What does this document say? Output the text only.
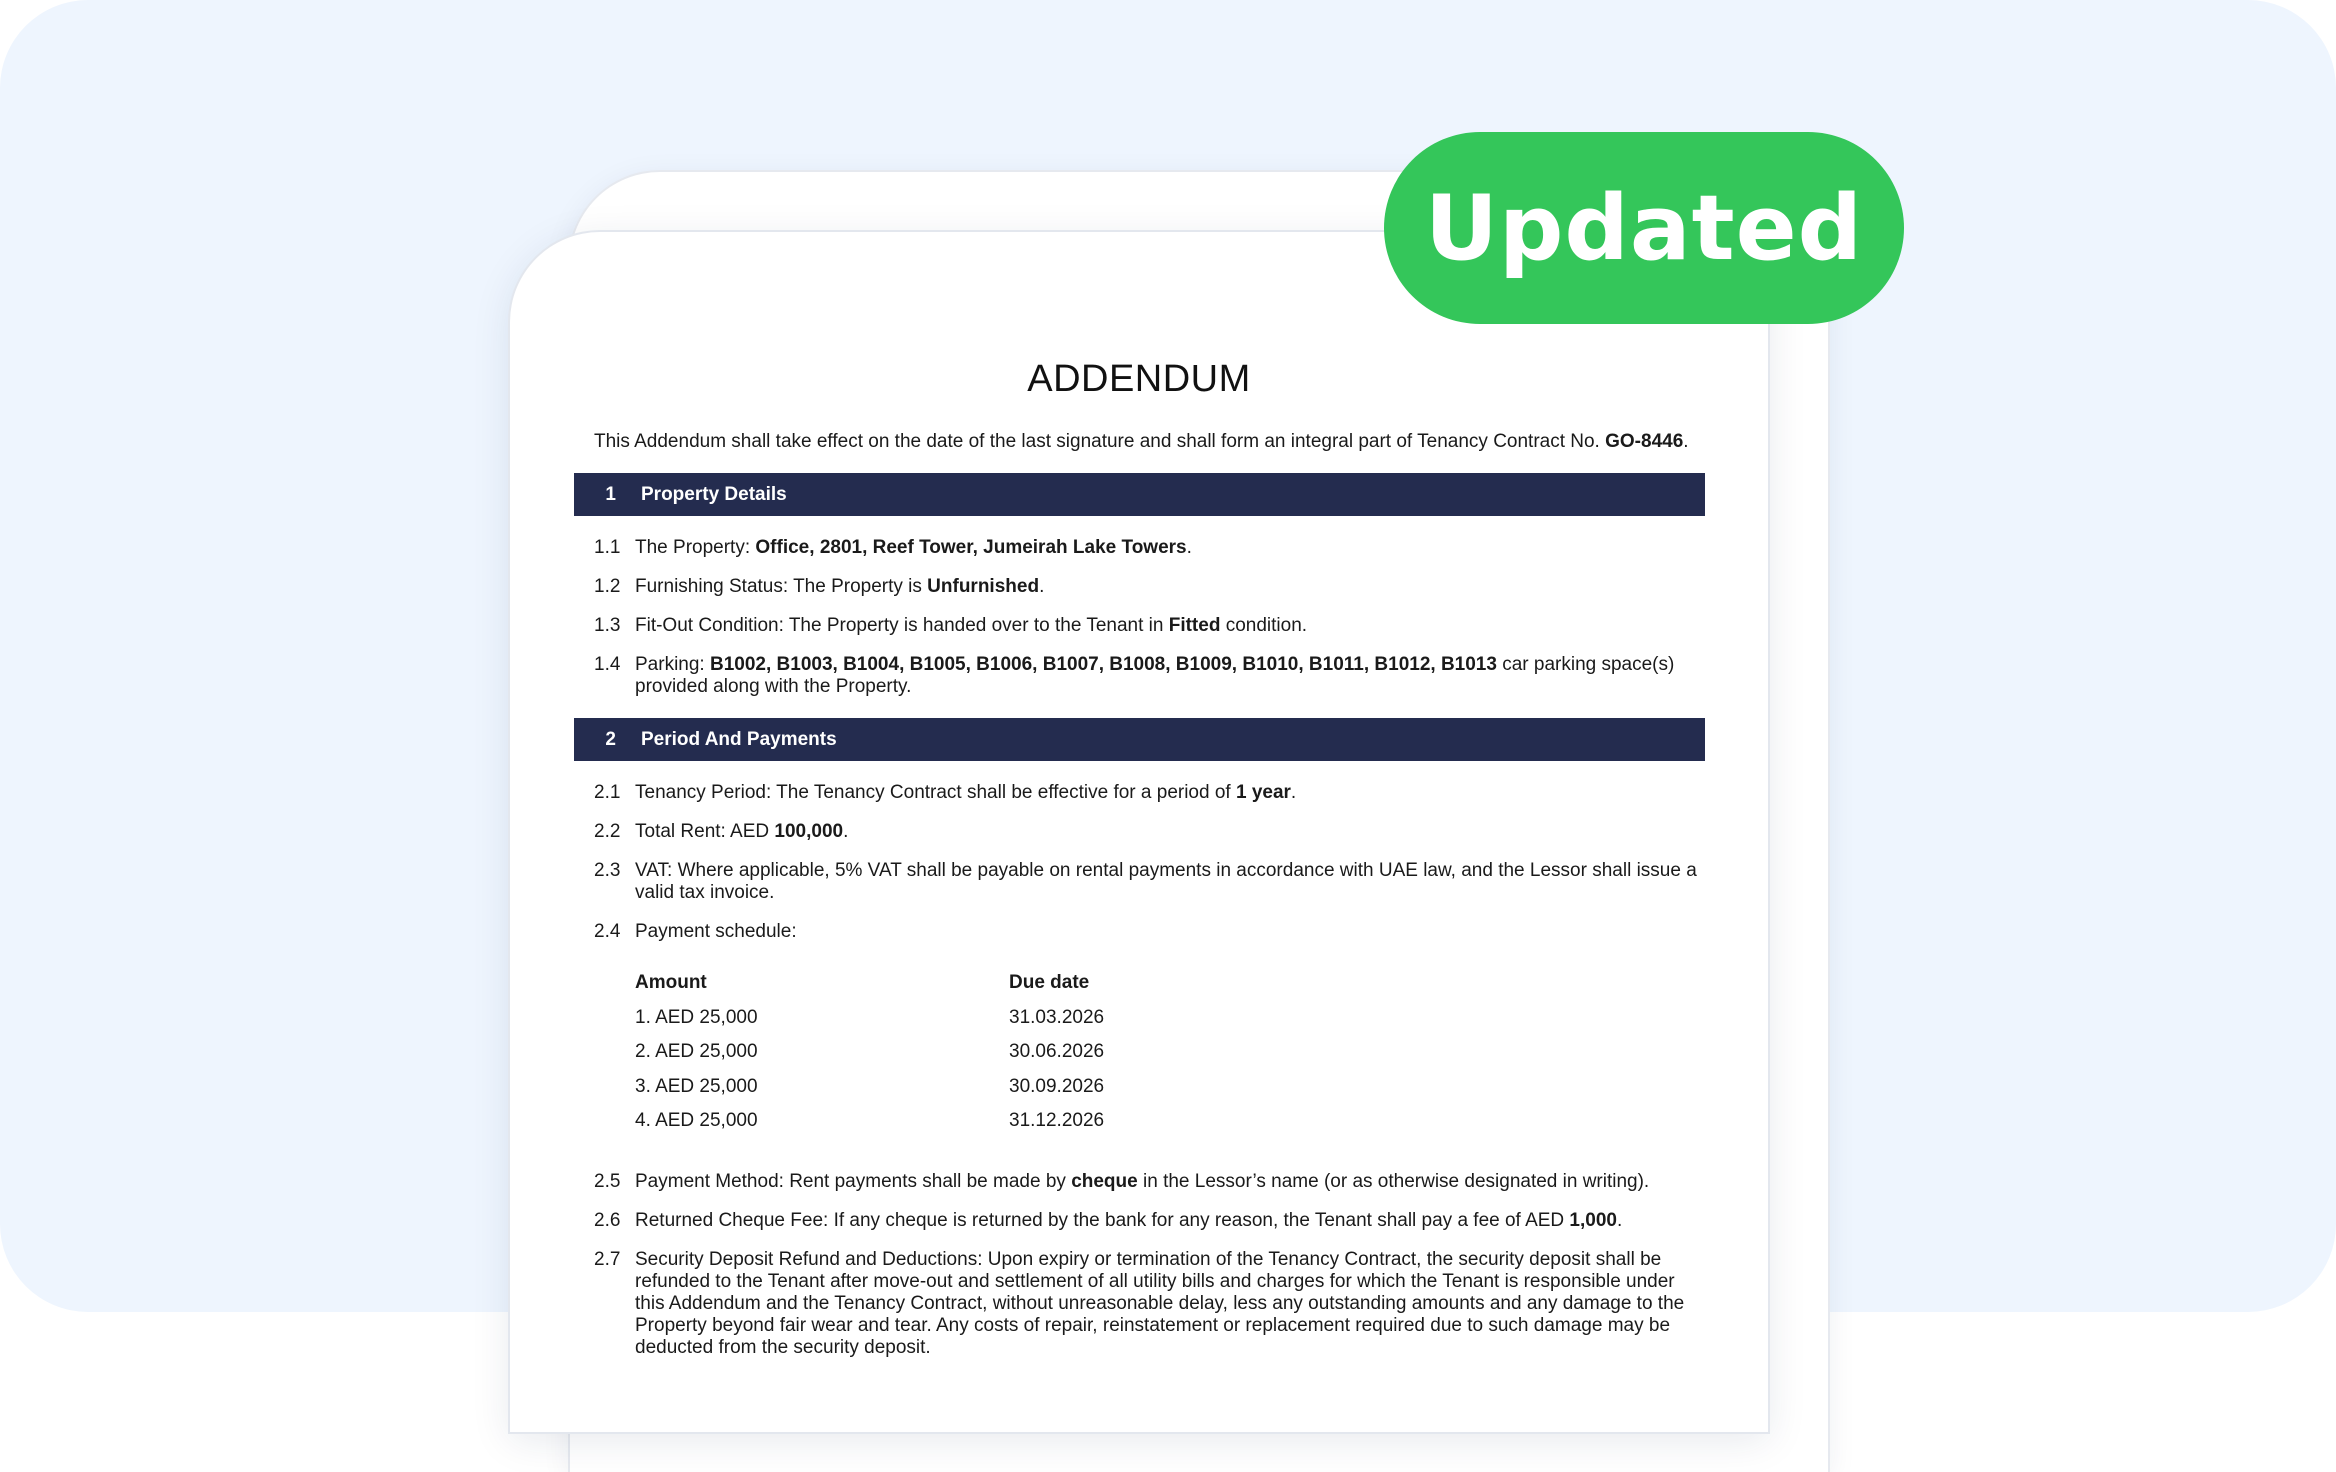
ADDENDUM
This Addendum shall take effect on the date of the last signature and shall form an integral part of Tenancy Contract No. GO-8446.
1 Property Details
1.1 The Property: Office, 2801, Reef Tower, Jumeirah Lake Towers.
1.2 Furnishing Status: The Property is Unfurnished.
1.3 Fit-Out Condition: The Property is handed over to the Tenant in Fitted condition.
1.4 Parking: B1002, B1003, B1004, B1005, B1006, B1007, B1008, B1009, B1010, B1011, B1012, B1013 car parking space(s) provided along with the Property.
2 Period And Payments
2.1 Tenancy Period: The Tenancy Contract shall be effective for a period of 1 year.
2.2 Total Rent: AED 100,000.
2.3 VAT: Where applicable, 5% VAT shall be payable on rental payments in accordance with UAE law, and the Lessor shall issue a valid tax invoice.
2.4 Payment schedule:
Amount	Due date
1. AED 25,000	31.03.2026
2. AED 25,000	30.06.2026
3. AED 25,000	30.09.2026
4. AED 25,000	31.12.2026
2.5 Payment Method: Rent payments shall be made by cheque in the Lessor’s name (or as otherwise designated in writing).
2.6 Returned Cheque Fee: If any cheque is returned by the bank for any reason, the Tenant shall pay a fee of AED 1,000.
2.7 Security Deposit Refund and Deductions: Upon expiry or termination of the Tenancy Contract, the security deposit shall be refunded to the Tenant after move-out and settlement of all utility bills and charges for which the Tenant is responsible under this Addendum and the Tenancy Contract, without unreasonable delay, less any outstanding amounts and any damage to the Property beyond fair wear and tear. Any costs of repair, reinstatement or replacement required due to such damage may be deducted from the security deposit.
Updated
